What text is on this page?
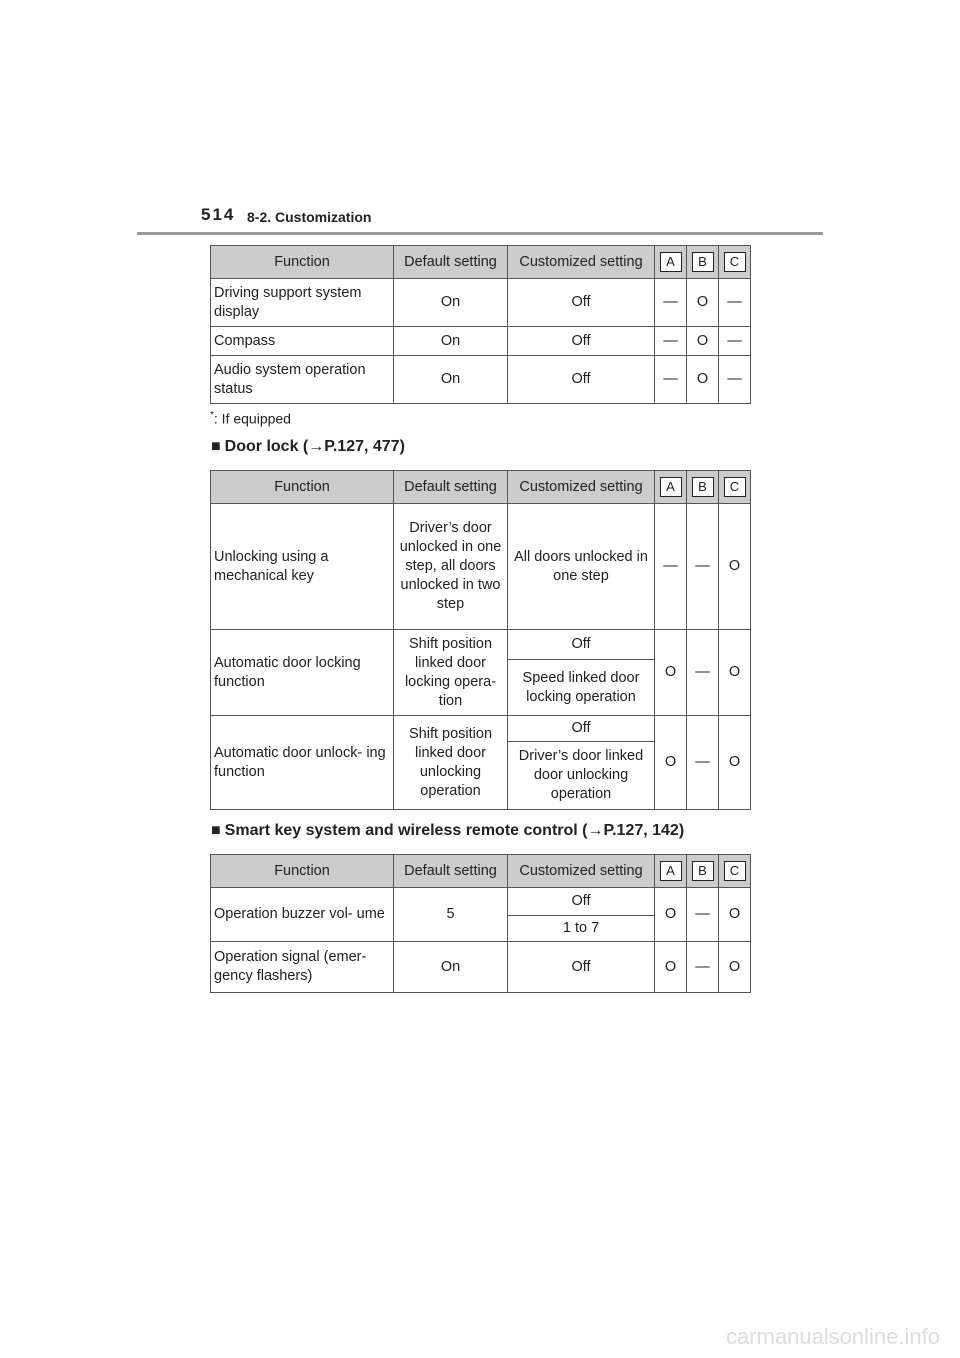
514 8-2. Customization
Function	Default setting	Customized setting	A	B	C
Driving support system display	On	Off	—	O	—
Compass	On	Off	—	O	—
Audio system operation status	On	Off	—	O	—
*: If equipped
■ Door lock (→P.127, 477)
Function	Default setting	Customized setting	A	B	C
Unlocking using a mechanical key	Driver’s door unlocked in one step, all doors unlocked in two step	All doors unlocked in one step	—	—	O
Automatic door locking function	Shift position linked door locking opera- tion	Off	O	—	O
		Speed linked door locking operation			
Automatic door unlock- ing function	Shift position linked door unlocking operation	Off	O	—	O
		Driver’s door linked door unlocking operation			
■ Smart key system and wireless remote control (→P.127, 142)
Function	Default setting	Customized setting	A	B	C
Operation buzzer vol- ume	5	Off	O	—	O
		1 to 7			
Operation signal (emer- gency flashers)	On	Off	O	—	O
carmanualsonline.info
